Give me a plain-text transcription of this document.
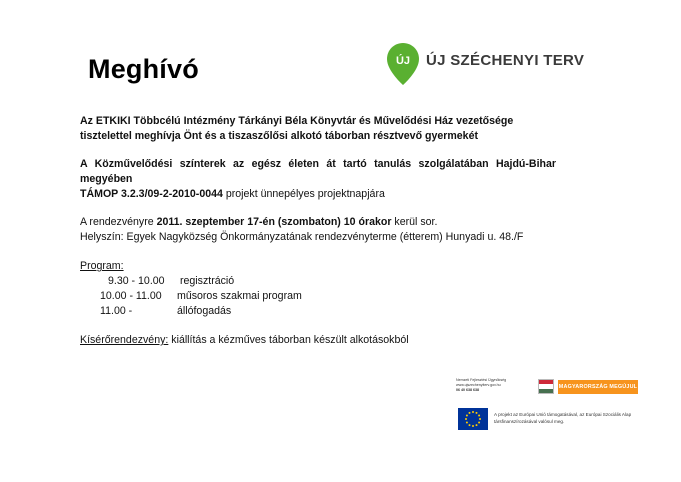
Meghívó	ÚJ ÚJ SZÉCHENYI TERV

Az ETKIKI Többcélú Intézmény Tárkányi Béla Könyvtár és Művelődési Ház vezetősége tisztelettel meghívja Önt és a tiszaszőlősi alkotó táborban résztvevő gyermekét

A Közművelődési színterek az egész életen át tartó tanulás szolgálatában Hajdú-Bihar megyében
TÁMOP 3.2.3/09-2-2010-0044 projekt ünnepélyes projektnapjára

A rendezvényre 2011. szeptember 17-én (szombaton) 10 órakor kerül sor.
Helyszín: Egyek Nagyközség Önkormányzatának rendezvényterme (étterem) Hunyadi u. 48./F

Program:
9.30 - 10.00	regisztráció
10.00 - 11.00	műsoros szakmai program
11.00 -	állófogadás

Kísérőrendezvény: kiállítás a kézműves táborban készült alkotásokból

Nemzeti Fejlesztési Ügynökség
www.ujszechenyiterv.gov.hu
06 40 638 638	MAGYARORSZÁG MEGÚJUL
A projekt az Európai Unió támogatásával, az Európai Szociális Alap társfinanszírozásával valósul meg.
